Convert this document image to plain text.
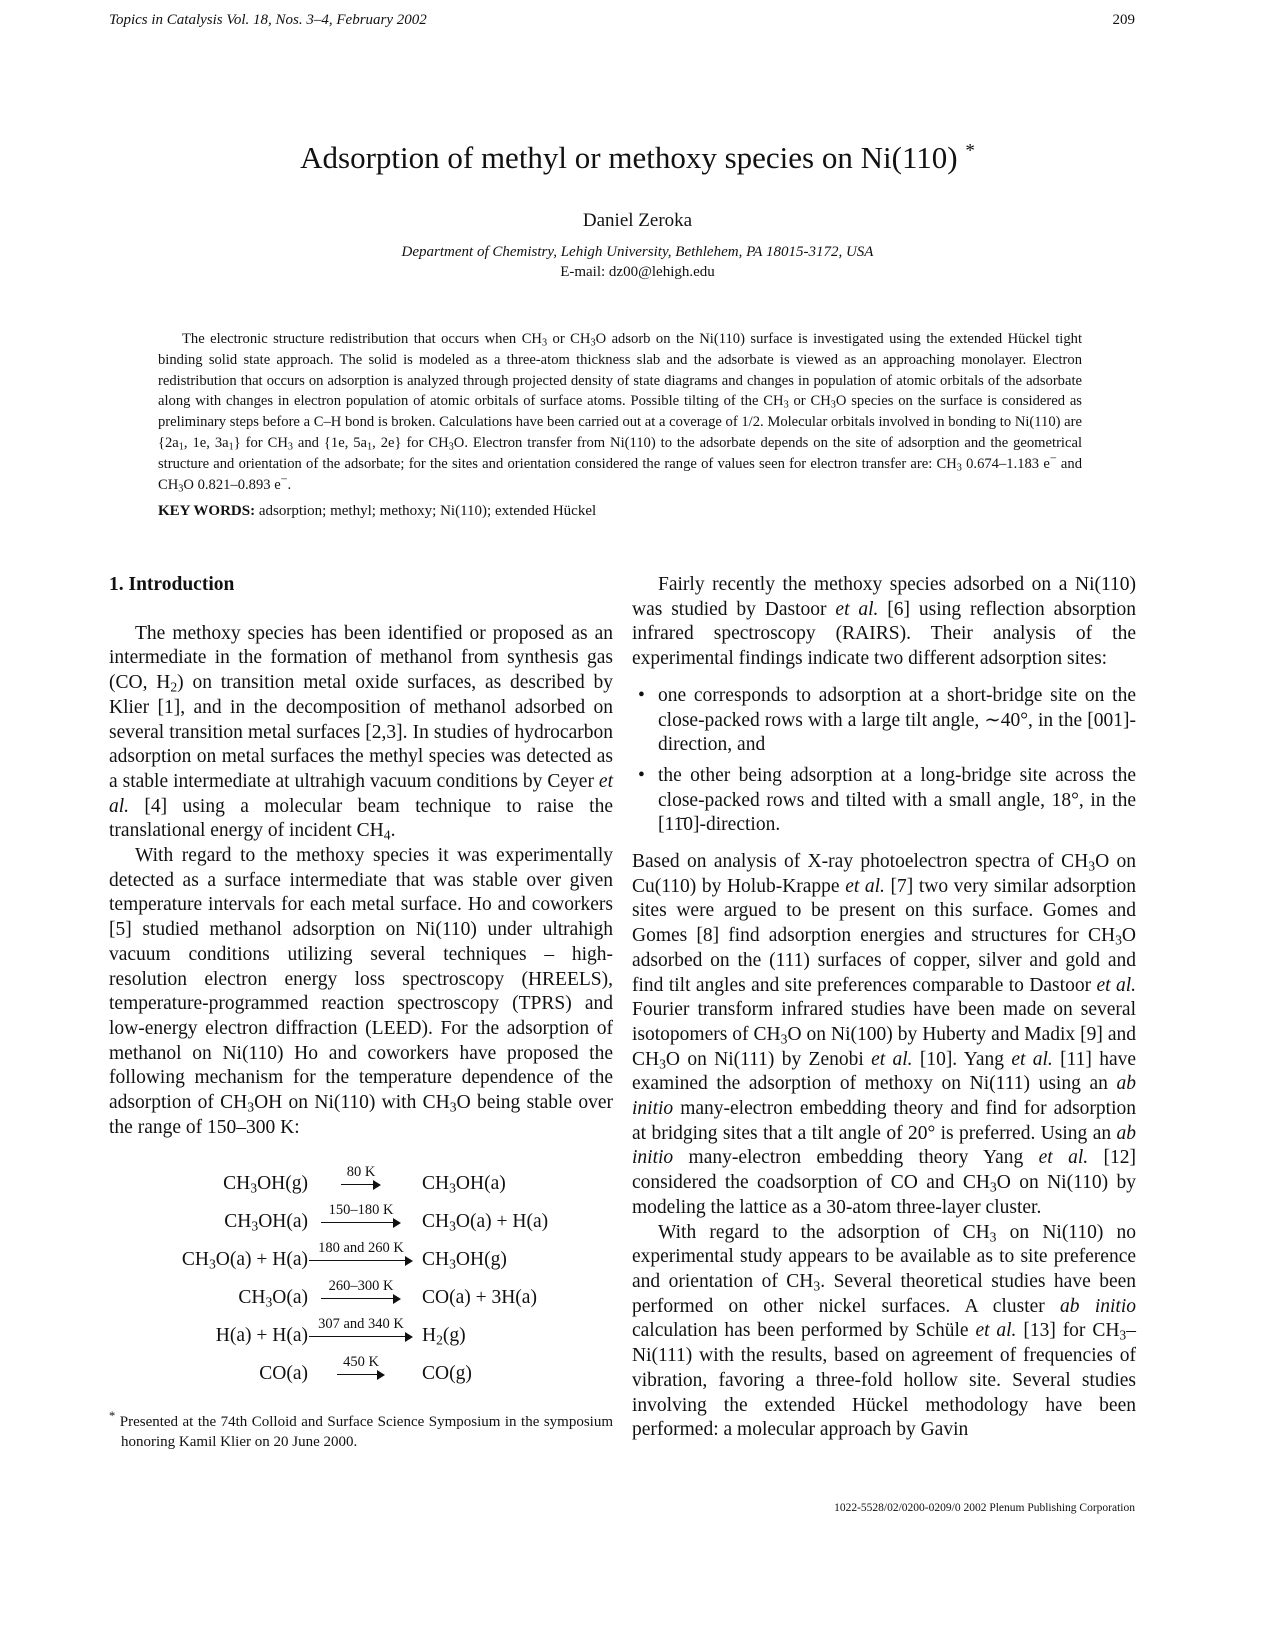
Topics in Catalysis Vol. 18, Nos. 3–4, February 2002	209
Adsorption of methyl or methoxy species on Ni(110) *
Daniel Zeroka
Department of Chemistry, Lehigh University, Bethlehem, PA 18015-3172, USA
E-mail: dz00@lehigh.edu

The electronic structure redistribution that occurs when $CH_3$ or $CH_3O$ adsorb on the Ni(110) surface is investigated using the extended Hückel tight binding solid state approach. The solid is modeled as a three-atom thickness slab and the adsorbate is viewed as an approaching monolayer. Electron redistribution that occurs on adsorption is analyzed through projected density of state diagrams and changes in population of atomic orbitals of the adsorbate along with changes in electron population of atomic orbitals of surface atoms. Possible tilting of the $CH_3$ or $CH_3O$ species on the surface is considered as preliminary steps before a C–H bond is broken. Calculations have been carried out at a coverage of 1/2. Molecular orbitals involved in bonding to Ni(110) are {$2a_1$, 1e, $3a_1$} for $CH_3$ and {1e, $5a_1$, 2e} for $CH_3O$. Electron transfer from Ni(110) to the adsorbate depends on the site of adsorption and the geometrical structure and orientation of the adsorbate; for the sites and orientation considered the range of values seen for electron transfer are: $CH_3$ 0.674–1.183 e− and $CH_3O$ 0.821–0.893 e−.

KEY WORDS: adsorption; methyl; methoxy; Ni(110); extended Hückel
1. Introduction

The methoxy species has been identified or proposed as an intermediate in the formation of methanol from synthesis gas (CO, $H_2$) on transition metal oxide surfaces, as described by Klier [1], and in the decomposition of methanol adsorbed on several transition metal surfaces [2,3]. In studies of hydrocarbon adsorption on metal surfaces the methyl species was detected as a stable intermediate at ultrahigh vacuum conditions by Ceyer et al. [4] using a molecular beam technique to raise the translational energy of incident $CH_4$.

With regard to the methoxy species it was experimentally detected as a surface intermediate that was stable over given temperature intervals for each metal surface. Ho and coworkers [5] studied methanol adsorption on Ni(110) under ultrahigh vacuum conditions utilizing several techniques – high-resolution electron energy loss spectroscopy (HREELS), temperature-programmed reaction spectroscopy (TPRS) and low-energy electron diffraction (LEED). For the adsorption of methanol on Ni(110) Ho and coworkers have proposed the following mechanism for the temperature dependence of the adsorption of $CH_3OH$ on Ni(110) with $CH_3O$ being stable over the range of 150–300 K:

$CH_3OH(g)$
80 K
$CH_3OH(a)$
$CH_3OH(a)$
150–180 K
$CH_3O(a) + H(a)$
$CH_3O(a) + H(a)$
180 and 260 K
$CH_3OH(g)$
$CH_3O(a)$
260–300 K
CO(a) + 3H(a)
H(a) + H(a)
307 and 340 K
$H_2(g)$
CO(a)
450 K
CO(g)
* Presented at the 74th Colloid and Surface Science Symposium in the symposium honoring Kamil Klier on 20 June 2000.

Fairly recently the methoxy species adsorbed on a Ni(110) was studied by Dastoor et al. [6] using reflection absorption infrared spectroscopy (RAIRS). Their analysis of the experimental findings indicate two different adsorption sites:

• one corresponds to adsorption at a short-bridge site on the close-packed rows with a large tilt angle, ∼40°, in the [001]-direction, and
• the other being adsorption at a long-bridge site across the close-packed rows and tilted with a small angle, 18°, in the [11̄0]-direction.

Based on analysis of X-ray photoelectron spectra of $CH_3O$ on Cu(110) by Holub-Krappe et al. [7] two very similar adsorption sites were argued to be present on this surface. Gomes and Gomes [8] find adsorption energies and structures for $CH_3O$ adsorbed on the (111) surfaces of copper, silver and gold and find tilt angles and site preferences comparable to Dastoor et al. Fourier transform infrared studies have been made on several isotopomers of $CH_3O$ on Ni(100) by Huberty and Madix [9] and $CH_3O$ on Ni(111) by Zenobi et al. [10]. Yang et al. [11] have examined the adsorption of methoxy on Ni(111) using an ab initio many-electron embedding theory and find for adsorption at bridging sites that a tilt angle of 20° is preferred. Using an ab initio many-electron embedding theory Yang et al. [12] considered the coadsorption of CO and $CH_3O$ on Ni(110) by modeling the lattice as a 30-atom three-layer cluster.

With regard to the adsorption of $CH_3$ on Ni(110) no experimental study appears to be available as to site preference and orientation of $CH_3$. Several theoretical studies have been performed on other nickel surfaces. A cluster ab initio calculation has been performed by Schüle et al. [13] for $CH_3-Ni(111)$ with the results, based on agreement of frequencies of vibration, favoring a three-fold hollow site. Several studies involving the extended Hückel methodology have been performed: a molecular approach by Gavin

1022-5528/02/0200-0209/0 2002 Plenum Publishing Corporation
